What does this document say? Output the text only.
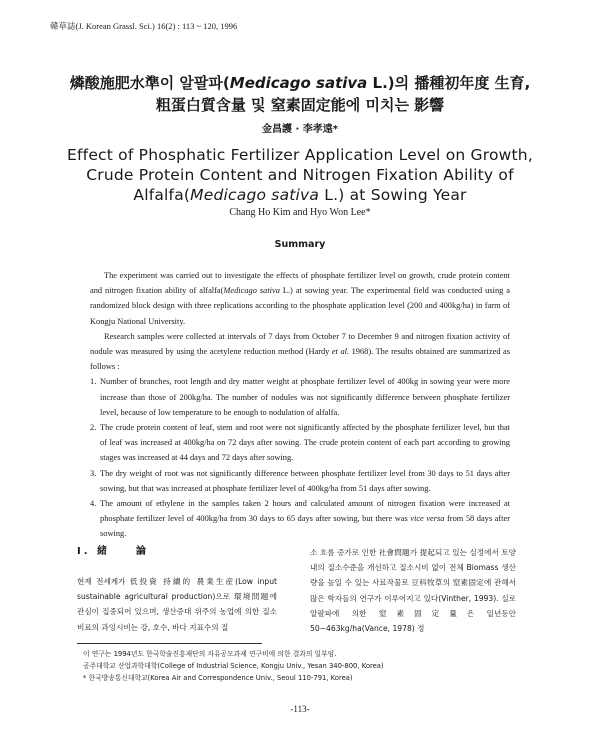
韓草誌(J. Korean Grassl. Sci.) 16(2) : 113 ~ 120, 1996
燐酸施肥水準이 알팔파(Medicago sativa L.)의 播種初年度 生育,
粗蛋白質含量 및 窒素固定能에 미치는 影響
金昌護 · 李孝遠*
Effect of Phosphatic Fertilizer Application Level on Growth,
Crude Protein Content and Nitrogen Fixation Ability of
Alfalfa(Medicago sativa L.) at Sowing Year
Chang Ho Kim and Hyo Won Lee*
Summary

The experiment was carried out to investigate the effects of phosphate fertilizer level on growth, crude protein content and nitrogen fixation ability of alfalfa(Medicago sativa L.) at sowing year. The experimental field was conducted using a randomized block design with three replications according to the phosphate application level (200 and 400kg/ha) in farm of Kongju National University.

Research samples were collected at intervals of 7 days from October 7 to December 9 and nitrogen fixation activity of nodule was measured by using the acetylene reduction method (Hardy et al. 1968). The results obtained are summarized as follows :

1. Number of branches, root length and dry matter weight at phosphate fertilizer level of 400kg in sowing year were more increase than those of 200kg/ha. The number of nodules was not significantly difference between phosphate fertilizer level, because of low temperature to be enough to nodulation of alfalfa.
2. The crude protein content of leaf, stem and root were not significantly affected by the phosphate fertilizer level, but that of leaf was increased at 400kg/ha on 72 days after sowing. The crude protein content of each part according to growing stages was increased at 44 days and 72 days after sowing.
3. The dry weight of root was not significantly difference between phosphate fertilizer level from 30 days to 51 days after sowing, but that was increased at phosphate fertilizer level of 400kg/ha from 51 days after sowing.
4. The amount of ethylene in the samples taken 2 hours and calculated amount of nitrogen fixation were increased at phosphate fertilizer level of 400kg/ha from 30 days to 65 days after sowing, but there was vice versa from 58 days after sowing.
Ⅰ. 緒　　論

현재 전세계가 低投資 持續的 農業生産(Low input sustainable agricultural production)으로 環境問題에 관심이 집중되어 있으며, 생산증대 위주의 농업에 의한 질소비료의 과잉시비는 강, 호수, 바다 지표수의 질

소 흐름 증가로 인한 社會問題가 提起되고 있는 실정에서 토양내의 질소수준을 개선하고 질소시비 없이 전체 Biomass 생산량을 높일 수 있는 사료작물로 豆科牧草의 窒素固定에 관해서 많은 학자들의 연구가 이루어지고 있다(Vinther, 1993). 실로 알팔파에 의한 窒素固定量은 일년동안 50~463kg/ha(Vance, 1978) 정

이 연구는 1994년도 한국학술진흥재단의 자유공모과제 연구비에 의한 결과의 일부임.
공주대학교 산업과학대학(College of Industrial Science, Kongju Univ., Yesan 340-800, Korea)
* 한국방송통신대학교(Korea Air and Correspondence Univ., Seoul 110-791, Korea)
-113-
